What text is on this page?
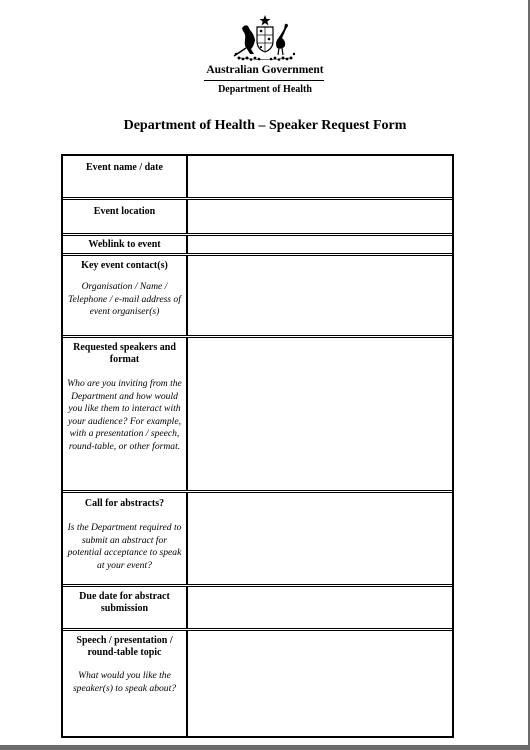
Australian Government
Department of Health
Department of Health – Speaker Request Form
Event name / date
Event location
Weblink to event
Key event contact(s)
Organisation / Name / Telephone / e-mail address of event organiser(s)
Requested speakers and format
Who are you inviting from the Department and how would you like them to interact with your audience? For example, with a presentation / speech, round-table, or other format.
Call for abstracts?
Is the Department required to submit an abstract for potential acceptance to speak at your event?
Due date for abstract submission
Speech / presentation / round-table topic
What would you like the speaker(s) to speak about?
